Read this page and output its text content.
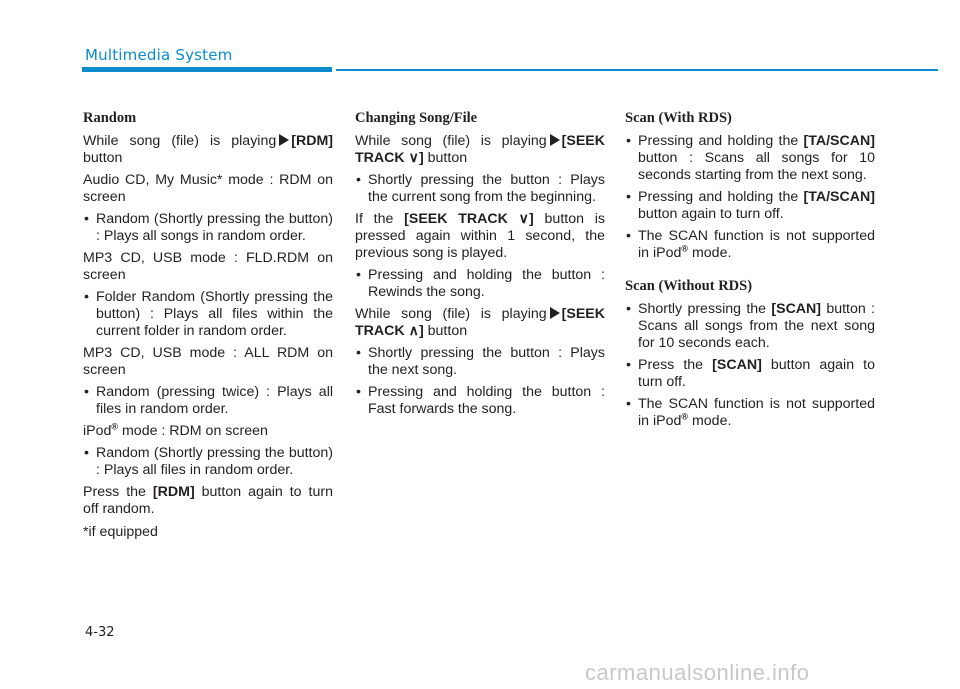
Multimedia System
Random

While song (file) is playing [RDM] button

Audio CD, My Music* mode : RDM on screen

• Random (Shortly pressing the button) : Plays all songs in random order.

MP3 CD, USB mode : FLD.RDM on screen

• Folder Random (Shortly pressing the button) : Plays all files within the current folder in random order.

MP3 CD, USB mode : ALL RDM on screen

• Random (pressing twice) : Plays all files in random order.

iPod® mode : RDM on screen

• Random (Shortly pressing the button) : Plays all files in random order.

Press the [RDM] button again to turn off random.

*if equipped

Changing Song/File

While song (file) is playing [SEEK TRACK ∨] button

• Shortly pressing the button : Plays the current song from the beginning.

If the [SEEK TRACK ∨] button is pressed again within 1 second, the previous song is played.

• Pressing and holding the button : Rewinds the song.

While song (file) is playing [SEEK TRACK ∧] button

• Shortly pressing the button : Plays the next song.
• Pressing and holding the button : Fast forwards the song.
Scan (With RDS)
• Pressing and holding the [TA/SCAN] button : Scans all songs for 10 seconds starting from the next song.
• Pressing and holding the [TA/SCAN] button again to turn off.
• The SCAN function is not supported in iPod® mode.
Scan (Without RDS)
• Shortly pressing the [SCAN] button : Scans all songs from the next song for 10 seconds each.
• Press the [SCAN] button again to turn off.
• The SCAN function is not supported in iPod® mode.
4-32
carmanualsonline.info
